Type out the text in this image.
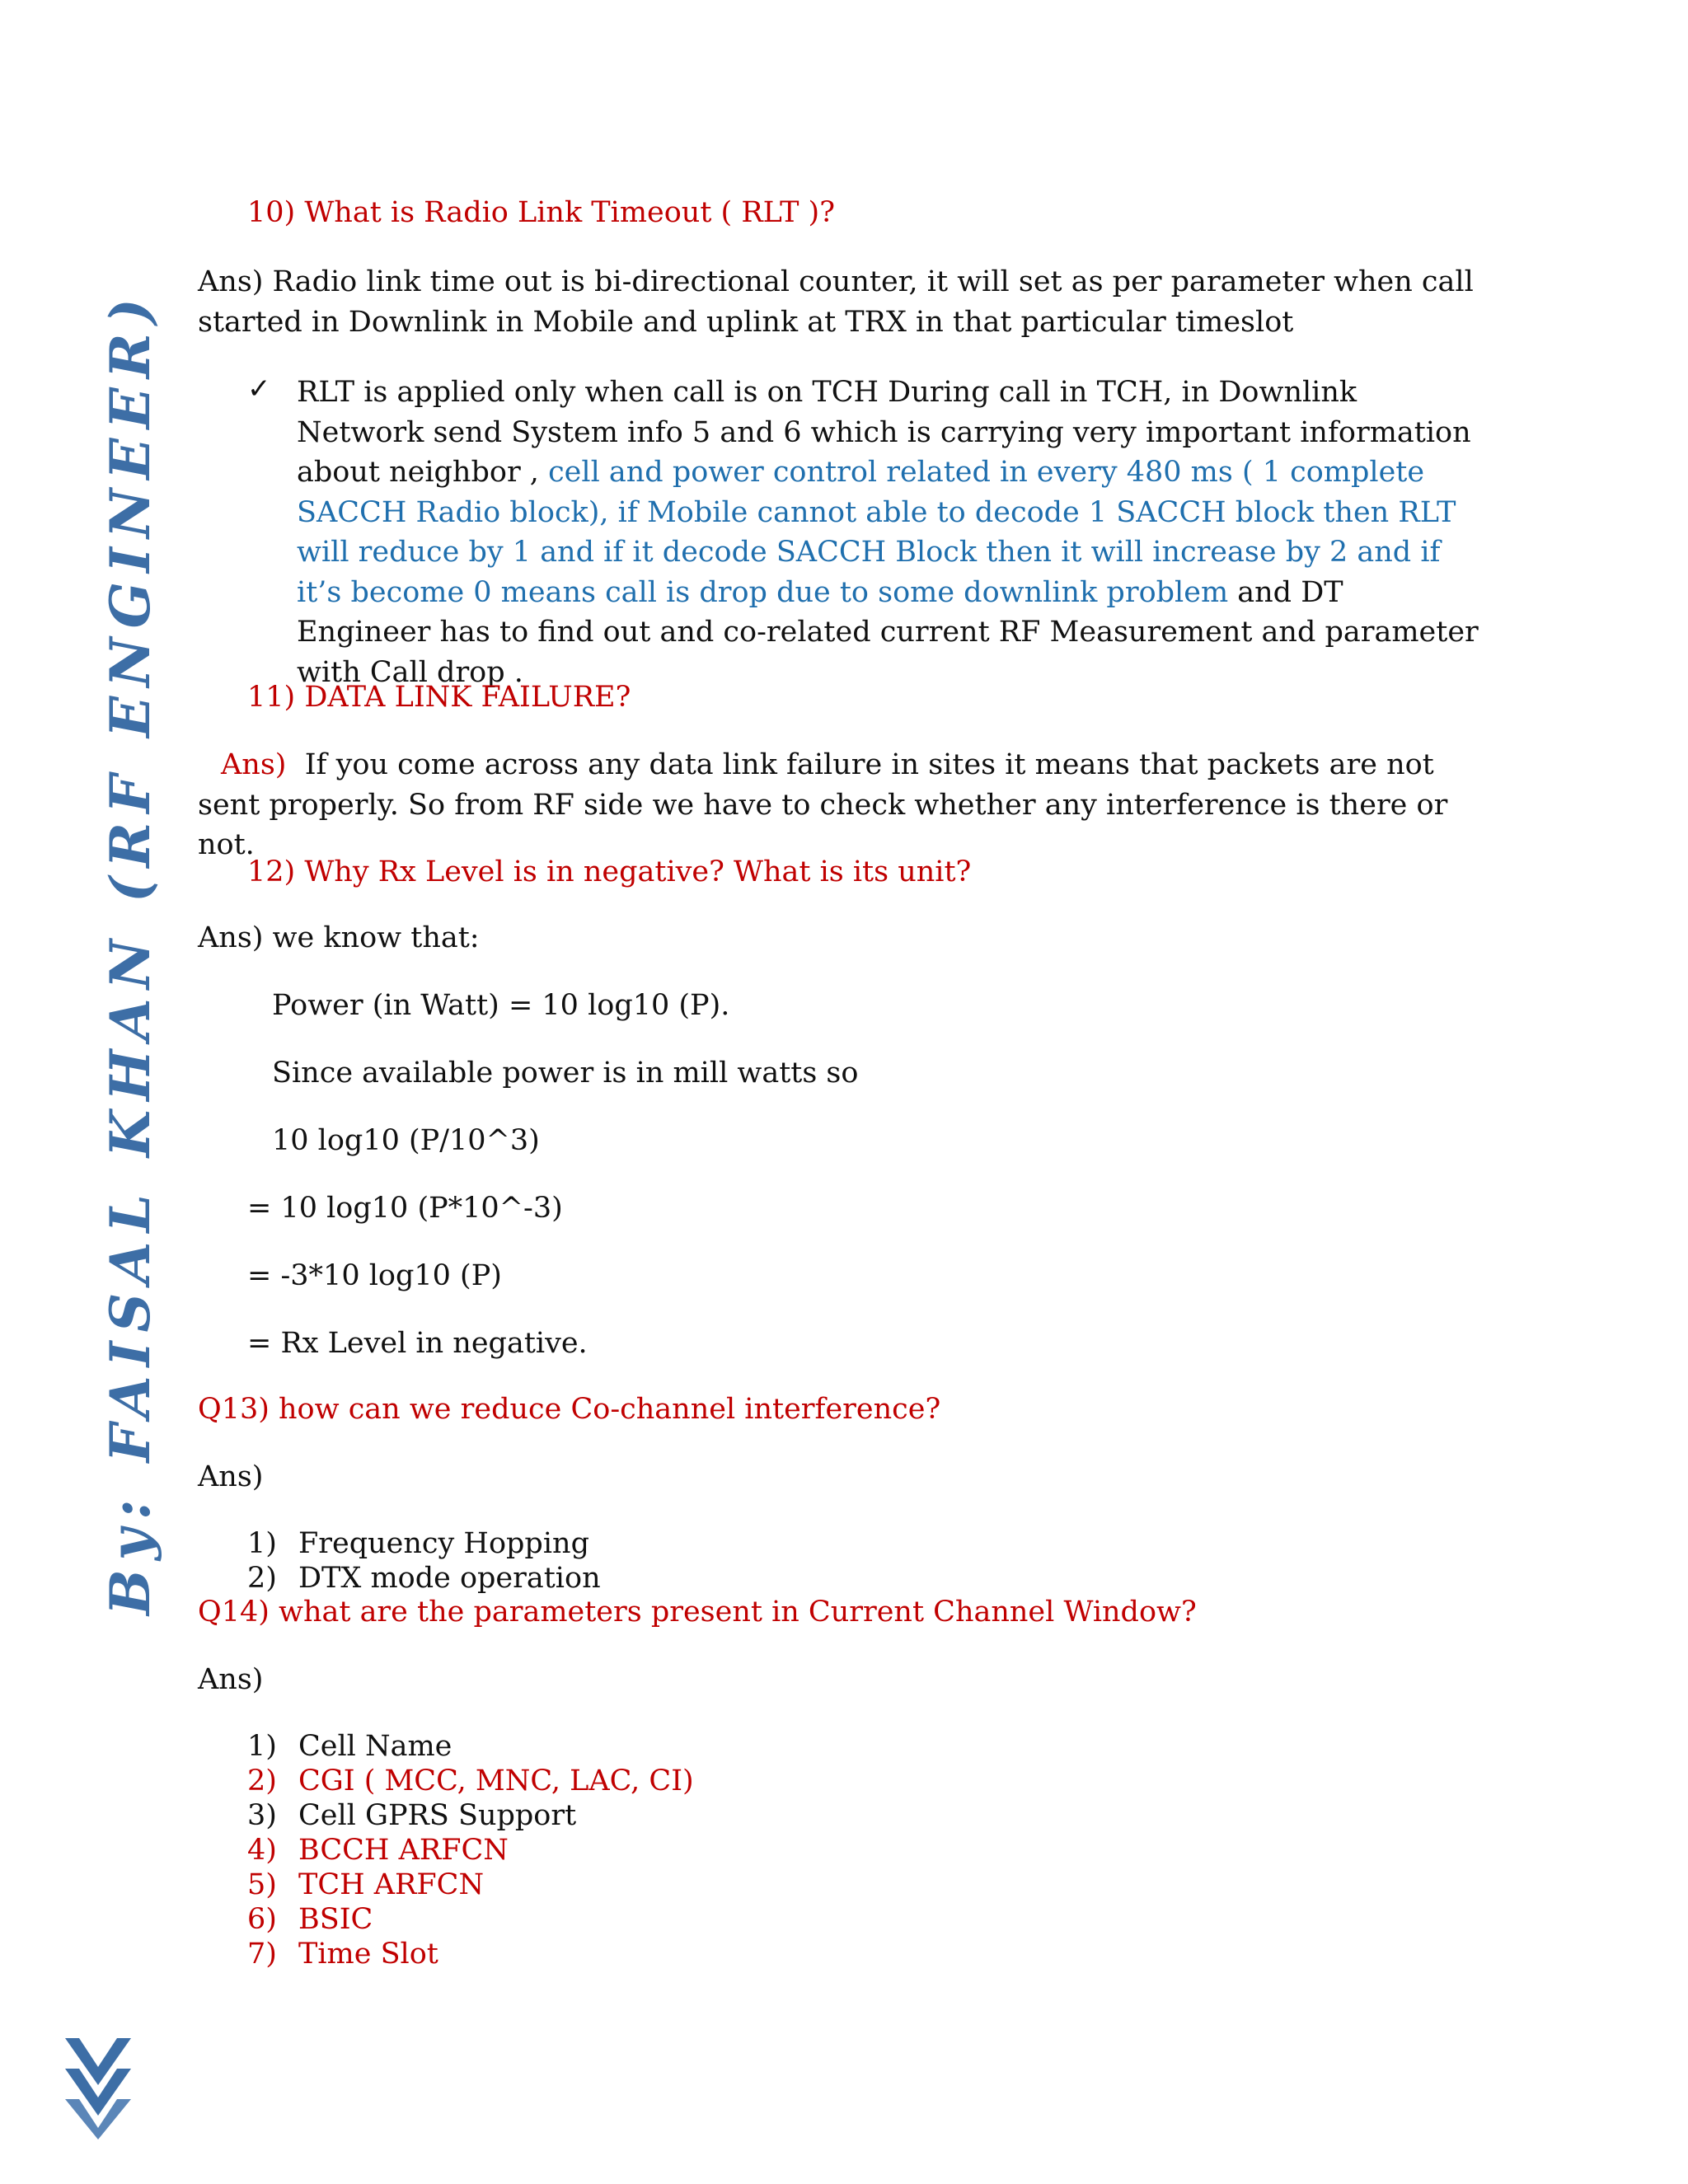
By: FAISAL KHAN (RF ENGINEER)
10) What is Radio Link Timeout ( RLT )?
Ans) Radio link time out is bi-directional counter, it will set as per parameter when call started in Downlink in Mobile and uplink at TRX in that particular timeslot
✓ RLT is applied only when call is on TCH During call in TCH, in Downlink Network send System info 5 and 6 which is carrying very important information about neighbor , cell and power control related in every 480 ms ( 1 complete SACCH Radio block), if Mobile cannot able to decode 1 SACCH block then RLT will reduce by 1 and if it decode SACCH Block then it will increase by 2 and if it’s become 0 means call is drop due to some downlink problem and DT Engineer has to find out and co-related current RF Measurement and parameter with Call drop .
11) DATA LINK FAILURE?
Ans) If you come across any data link failure in sites it means that packets are not sent properly. So from RF side we have to check whether any interference is there or not.
12) Why Rx Level is in negative? What is its unit?
Ans) we know that:
Power (in Watt) = 10 log10 (P).
Since available power is in mill watts so
10 log10 (P/10^3)
= 10 log10 (P*10^-3)
= -3*10 log10 (P)
= Rx Level in negative.
Q13) how can we reduce Co-channel interference?
Ans)
1) Frequency Hopping
2) DTX mode operation
Q14) what are the parameters present in Current Channel Window?
Ans)
1) Cell Name
2) CGI ( MCC, MNC, LAC, CI)
3) Cell GPRS Support
4) BCCH ARFCN
5) TCH ARFCN
6) BSIC
7) Time Slot
